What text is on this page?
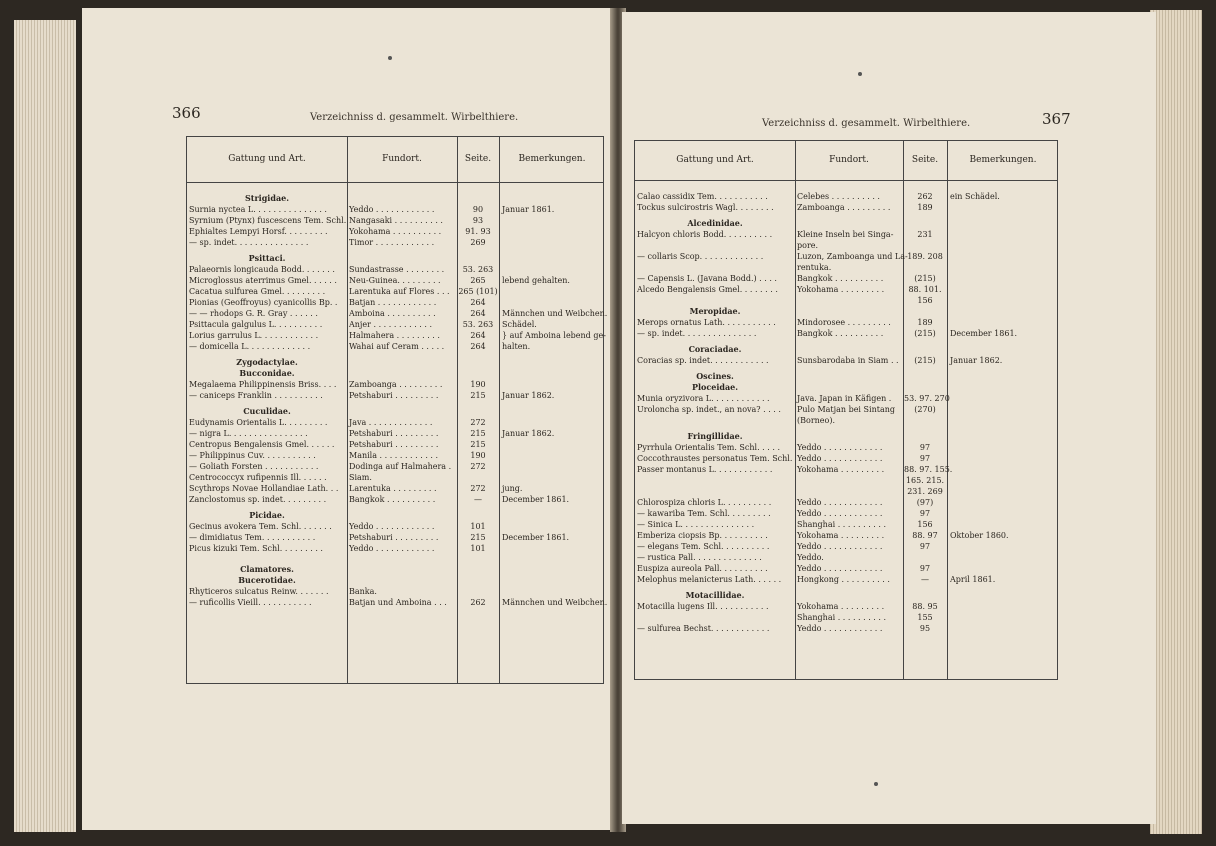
366	Verzeichniss d. gesammelt. Wirbelthiere.
Gattung und Art.	Fundort.	Seite.	Bemerkungen.
Strigidae.
Surnia nyctea L. . . . . . . . . . . . . . .	Yeddo . . . . . . . . . . . .	90	Januar 1861.
Syrnium (Ptynx) fuscescens Tem. Schl. Nangasaki . . . . . . . . . .	93
Ephialtes Lempyi Horsf. . . . . . . . .	Yokohama . . . . . . . . . .	91. 93
— sp. indet. . . . . . . . . . . . . . .	Timor . . . . . . . . . . . .	269
Psittaci.
Palaeornis longicauda Bodd. . . . . . .	Sundastrasse . . . . . . . .	53. 263
Microglossus aterrimus Gmel. . . . . .	Neu-Guinea. . . . . . . . .	265	lebend gehalten.
Cacatua sulfurea Gmel. . . . . . . . .	Larentuka auf Flores . . .	265 (101)
Pionias (Geoffroyus) cyanicollis Bp. .	Batjan . . . . . . . . . . . .	264
— — rhodops G. R. Gray . . . . . .	Amboina . . . . . . . . . .	264	Männchen und Weibchen.
Psittacula galgulus L. . . . . . . . . .	Anjer . . . . . . . . . . . .	53. 263	Schädel.
Lorius garrulus L. . . . . . . . . . . .	Halmahera . . . . . . . . .	264	} auf Amboina lebend ge-
— domicella L. . . . . . . . . . . . .	Wahai auf Ceram . . . . .	264	halten.
Zygodactylae.
Bucconidae.
Megalaema Philippinensis Briss. . . .	Zamboanga . . . . . . . . .	190
— caniceps Franklin . . . . . . . . . .	Petshaburi . . . . . . . . .	215	Januar 1862.
Cuculidae.
Eudynamis Orientalis L. . . . . . . . .	Java . . . . . . . . . . . . .	272
— nigra L. . . . . . . . . . . . . . . .	Petshaburi . . . . . . . . .	215	Januar 1862.
Centropus Bengalensis Gmel. . . . . .	Petshaburi . . . . . . . . .	215
— Philippinus Cuv. . . . . . . . . . .	Manila . . . . . . . . . . . .	190
— Goliath Forsten . . . . . . . . . . .	Dodinga auf Halmahera .	272
Centrococcyx rufipennis Ill. . . . . .	Siam.
Scythrops Novae Hollandiae Lath. . .	Larentuka . . . . . . . . .	272	jung.
Zanclostomus sp. indet. . . . . . . . .	Bangkok . . . . . . . . . .	—	December 1861.
Picidae.
Gecinus avokera Tem. Schl. . . . . . .	Yeddo . . . . . . . . . . . .	101
— dimidiatus Tem. . . . . . . . . . .	Petshaburi . . . . . . . . .	215	December 1861.
Picus kizuki Tem. Schl. . . . . . . . .	Yeddo . . . . . . . . . . . .	101
Clamatores.
Bucerotidae.
Rhyticeros sulcatus Reinw. . . . . . .	Banka.
— ruficollis Vieill. . . . . . . . . . .	Batjan und Amboina . . .	262	Männchen und Weibchen.
367
Verzeichniss d. gesammelt. Wirbelthiere.
Gattung und Art.	Fundort.	Seite.	Bemerkungen.
Calao cassidix Tem. . . . . . . . . . .	Celebes . . . . . . . . . .	262	ein Schädel.
Tockus sulcirostris Wagl. . . . . . . .	Zamboanga . . . . . . . . .	189
Alcedinidae.
Halcyon chloris Bodd. . . . . . . . . .	Kleine Inseln bei Singa-	231
pore.
— collaris Scop. . . . . . . . . . . . .	Luzon, Zamboanga und La- 189. 208
rentuka.
— Capensis L. (Javana Bodd.) . . . .	Bangkok . . . . . . . . . .	(215)
Alcedo Bengalensis Gmel. . . . . . . .	Yokohama . . . . . . . . .	88. 101.
156
Meropidae.
Merops ornatus Lath. . . . . . . . . . .	Mindorosee . . . . . . . . .	189
— sp. indet. . . . . . . . . . . . . . .	Bangkok . . . . . . . . . .	(215)	December 1861.
Coraciadae.
Coracias sp. indet. . . . . . . . . . . .	Sunsbarodaba in Siam . .	(215)	Januar 1862.
Oscines.
Ploceidae.
Munia oryzivora L. . . . . . . . . . . .	Java. Japan in Käfigen .	53. 97. 270
Uroloncha sp. indet., an nova? . . . .	Pulo Matjan bei Sintang	(270)
(Borneo).
Fringillidae.
Pyrrhula Orientalis Tem. Schl. . . . .	Yeddo . . . . . . . . . . . .	97
Coccothraustes personatus Tem. Schl. Yeddo . . . . . . . . . . . .	97
Passer montanus L. . . . . . . . . . . .	Yokohama . . . . . . . . .	88. 97. 155.
165. 215.
231. 269
Chlorospiza chloris L. . . . . . . . . .	Yeddo . . . . . . . . . . . .	(97)
— kawariba Tem. Schl. . . . . . . . .	Yeddo . . . . . . . . . . . .	97
— Sinica L. . . . . . . . . . . . . . .	Shanghai . . . . . . . . . .	156
Emberiza ciopsis Bp. . . . . . . . . .	Yokohama . . . . . . . . .	88. 97	Oktober 1860.
— elegans Tem. Schl. . . . . . . . . .	Yeddo . . . . . . . . . . . .	97
— rustica Pall. . . . . . . . . . . . . .	Yeddo.
Euspiza aureola Pall. . . . . . . . . .	Yeddo . . . . . . . . . . . .	97
Melophus melanicterus Lath. . . . . .	Hongkong . . . . . . . . . .	—	April 1861.
Motacillidae.
Motacilla lugens Ill. . . . . . . . . . .	Yokohama . . . . . . . . .	88. 95
Shanghai . . . . . . . . . .	155
— sulfurea Bechst. . . . . . . . . . . .	Yeddo . . . . . . . . . . . .	95
